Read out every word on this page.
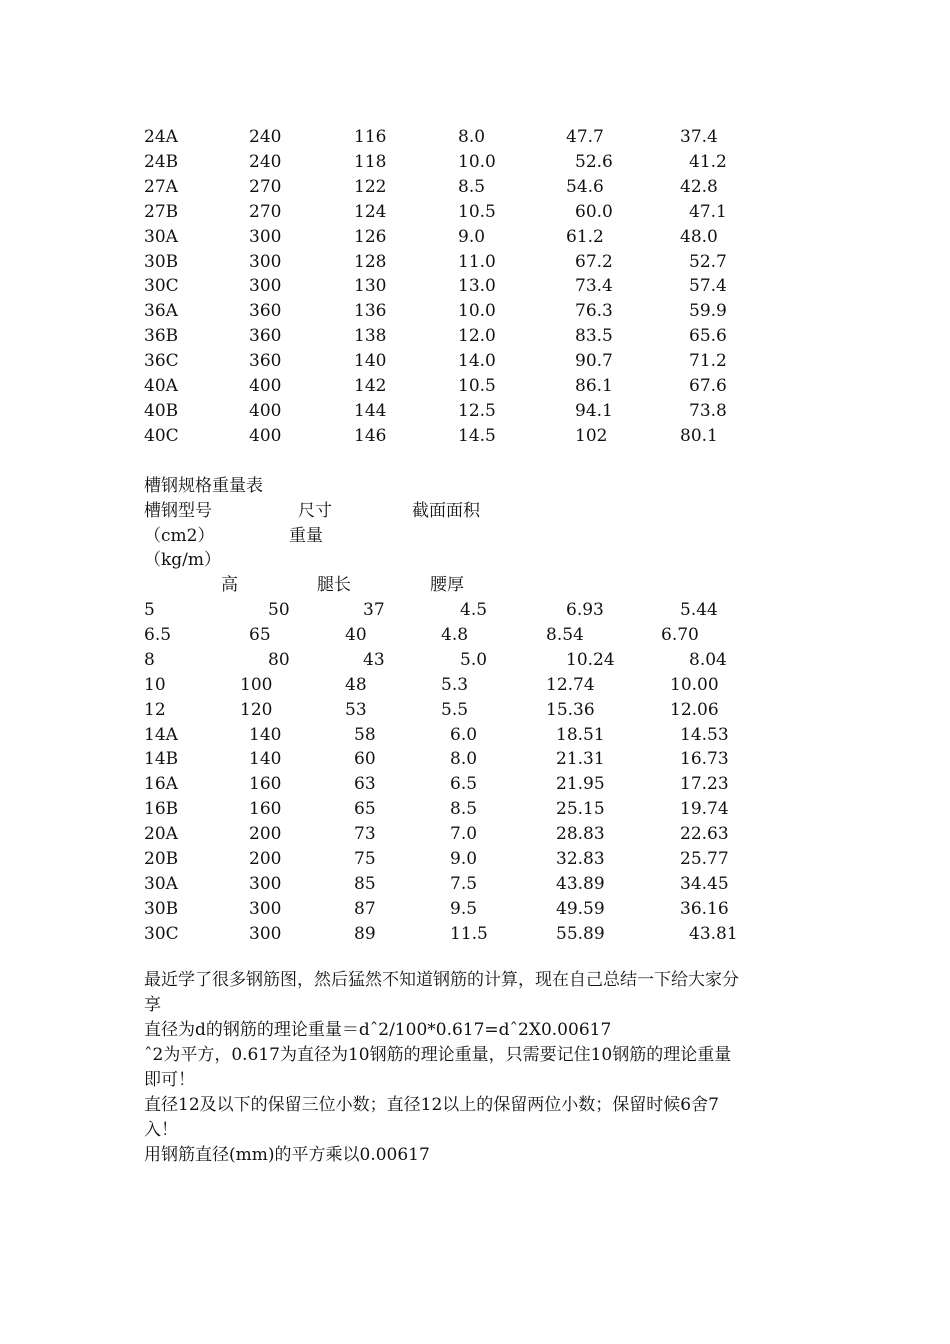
24A	240	116	8.0	47.7	37.4
24B	240	118	10.0	52.6	41.2
27A	270	122	8.5	54.6	42.8
27B	270	124	10.5	60.0	47.1
30A	300	126	9.0	61.2	48.0
30B	300	128	11.0	67.2	52.7
30C	300	130	13.0	73.4	57.4
36A	360	136	10.0	76.3	59.9
36B	360	138	12.0	83.5	65.6
36C	360	140	14.0	90.7	71.2
40A	400	142	10.5	86.1	67.6
40B	400	144	12.5	94.1	73.8
40C	400	146	14.5	102	80.1
槽钢规格重量表
槽钢型号	尺寸	截面面积
（cm2）	重量
（kg/m）
高	腿长	腰厚
5	50	37	4.5	6.93	5.44
6.5	65	40	4.8	8.54	6.70
8	80	43	5.0	10.24	8.04
10	100	48	5.3	12.74	10.00
12	120	53	5.5	15.36	12.06
14A	140	58	6.0	18.51	14.53
14B	140	60	8.0	21.31	16.73
16A	160	63	6.5	21.95	17.23
16B	160	65	8.5	25.15	19.74
20A	200	73	7.0	28.83	22.63
20B	200	75	9.0	32.83	25.77
30A	300	85	7.5	43.89	34.45
30B	300	87	9.5	49.59	36.16
30C	300	89	11.5	55.89	43.81
最近学了很多钢筋图，然后猛然不知道钢筋的计算，现在自己总结一下给大家分
享
直径为d的钢筋的理论重量＝dˆ2/100*0.617=dˆ2X0.00617
ˆ2为平方，0.617为直径为10钢筋的理论重量，只需要记住10钢筋的理论重量
即可！
直径12及以下的保留三位小数；直径12以上的保留两位小数；保留时候6舍7
入！
用钢筋直径(mm)的平方乘以0.00617
